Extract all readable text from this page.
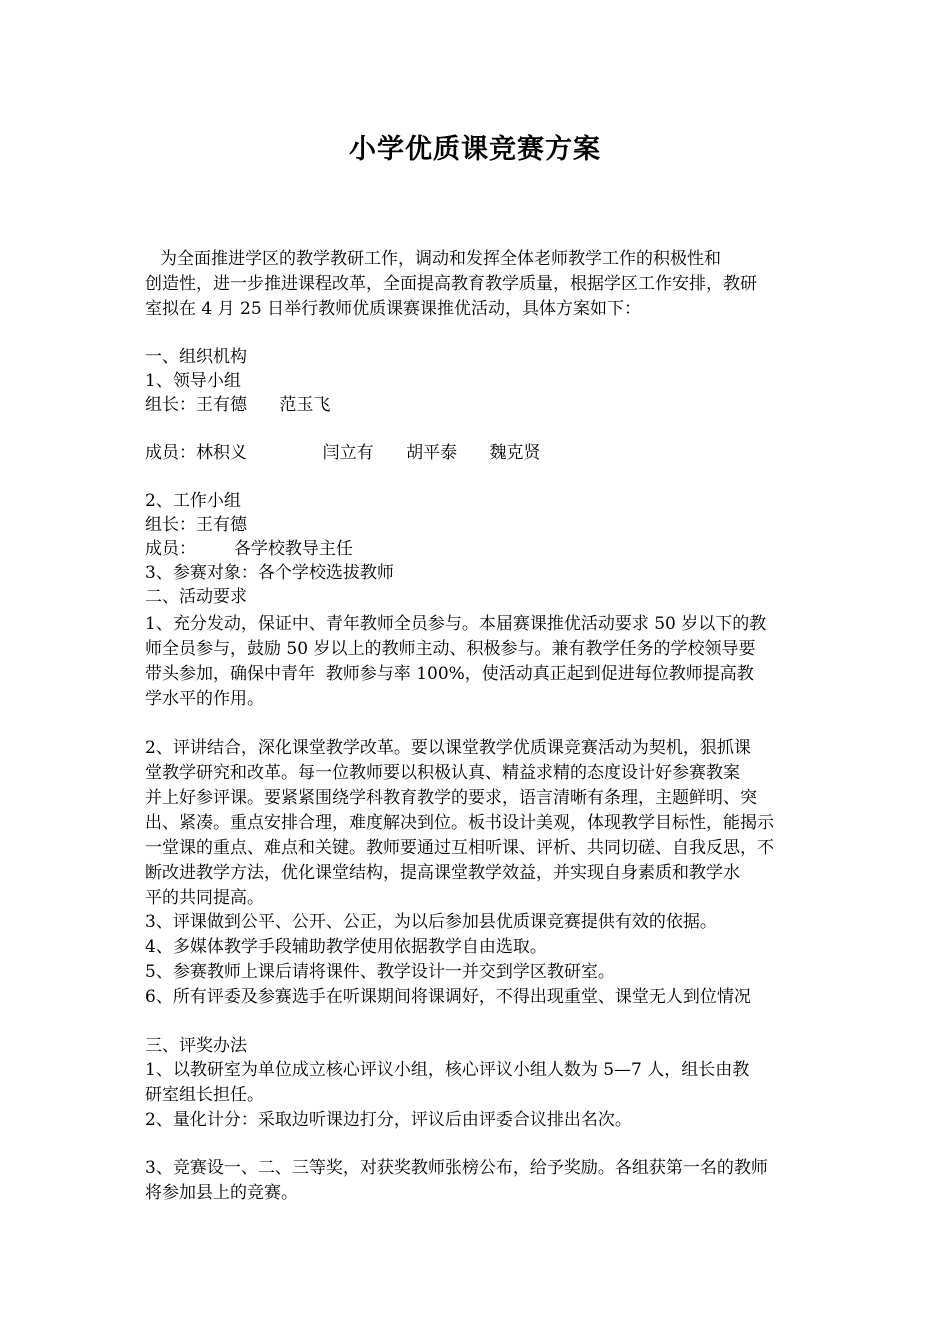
小学优质课竞赛方案
为全面推进学区的教学教研工作，调动和发挥全体老师教学工作的积极性和
创造性，进一步推进课程改革，全面提高教育教学质量，根据学区工作安排，教研
室拟在 4 月 25 日举行教师优质课赛课推优活动，具体方案如下：
一、组织机构
1、领导小组
组长：王有德      范玉飞
成员：林积义              闫立有      胡平泰      魏克贤
2、工作小组
组长：王有德
成员：       各学校教导主任
3、参赛对象：各个学校选拔教师
二、活动要求
1、充分发动，保证中、青年教师全员参与。本届赛课推优活动要求 50 岁以下的教
师全员参与，鼓励 50 岁以上的教师主动、积极参与。兼有教学任务的学校领导要
带头参加，确保中青年  教师参与率 100%，使活动真正起到促进每位教师提高教
学水平的作用。
2、评讲结合，深化课堂教学改革。要以课堂教学优质课竞赛活动为契机，狠抓课
堂教学研究和改革。每一位教师要以积极认真、精益求精的态度设计好参赛教案
并上好参评课。要紧紧围绕学科教育教学的要求，语言清晰有条理，主题鲜明、突
出、紧凑。重点安排合理，难度解决到位。板书设计美观，体现教学目标性，能揭示
一堂课的重点、难点和关键。教师要通过互相听课、评析、共同切磋、自我反思，不
断改进教学方法，优化课堂结构，提高课堂教学效益，并实现自身素质和教学水
平的共同提高。
3、评课做到公平、公开、公正，为以后参加县优质课竞赛提供有效的依据。
4、多媒体教学手段辅助教学使用依据教学自由选取。
5、参赛教师上课后请将课件、教学设计一并交到学区教研室。
6、所有评委及参赛选手在听课期间将课调好，不得出现重堂、课堂无人到位情况
三、评奖办法
1、以教研室为单位成立核心评议小组，核心评议小组人数为 5—7 人，组长由教
研室组长担任。
2、量化计分：采取边听课边打分，评议后由评委合议排出名次。
3、竞赛设一、二、三等奖，对获奖教师张榜公布，给予奖励。各组获第一名的教师
将参加县上的竞赛。
